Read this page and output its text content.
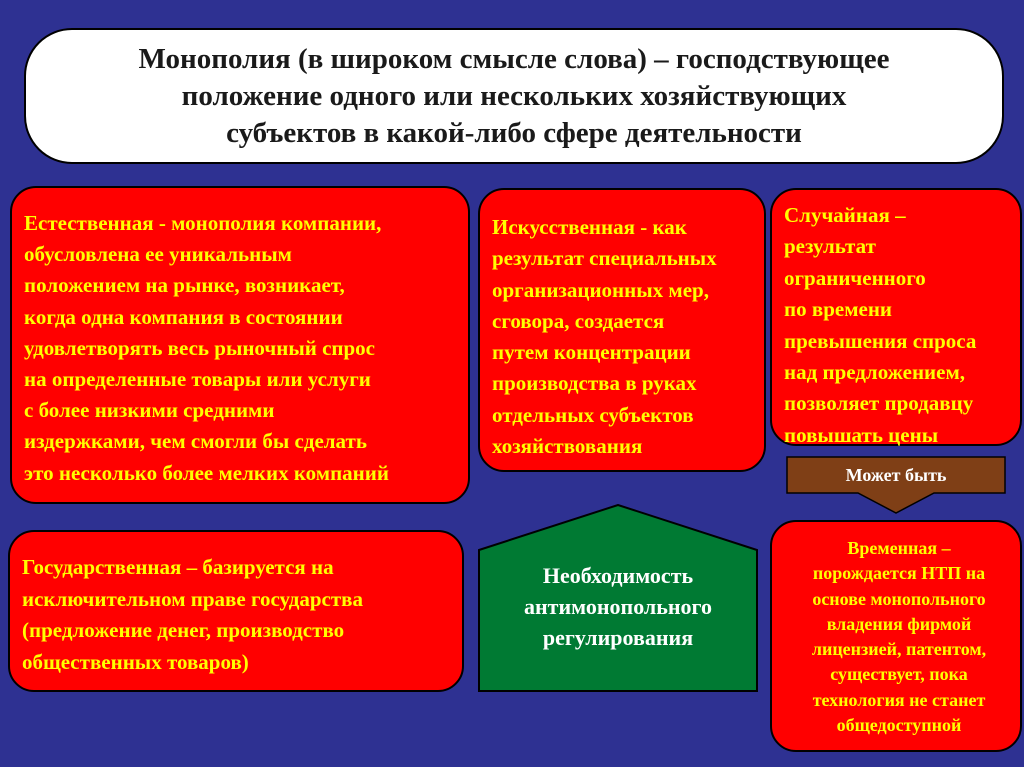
Монополия (в широком смысле слова) – господствующее
положение одного или нескольких хозяйствующих
субъектов в какой-либо сфере деятельности
Естественная - монополия компании,
обусловлена ее уникальным
положением на рынке, возникает,
когда одна компания в состоянии
удовлетворять весь рыночный спрос
на определенные товары или услуги
с более низкими средними
издержками, чем смогли бы сделать
это несколько более мелких компаний
Искусственная - как
результат специальных
организационных мер,
сговора, создается
путем концентрации
производства в руках
отдельных субъектов
хозяйствования
Случайная –
результат
ограниченного
по времени
превышения спроса
над предложением,
позволяет продавцу
повышать цены
Может быть
Государственная – базируется на
исключительном праве государства
(предложение денег, производство
общественных товаров)
Необходимость
антимонопольного
регулирования
Временная –
порождается НТП на
основе монопольного
владения фирмой
лицензией, патентом,
существует, пока
технология не станет
общедоступной
